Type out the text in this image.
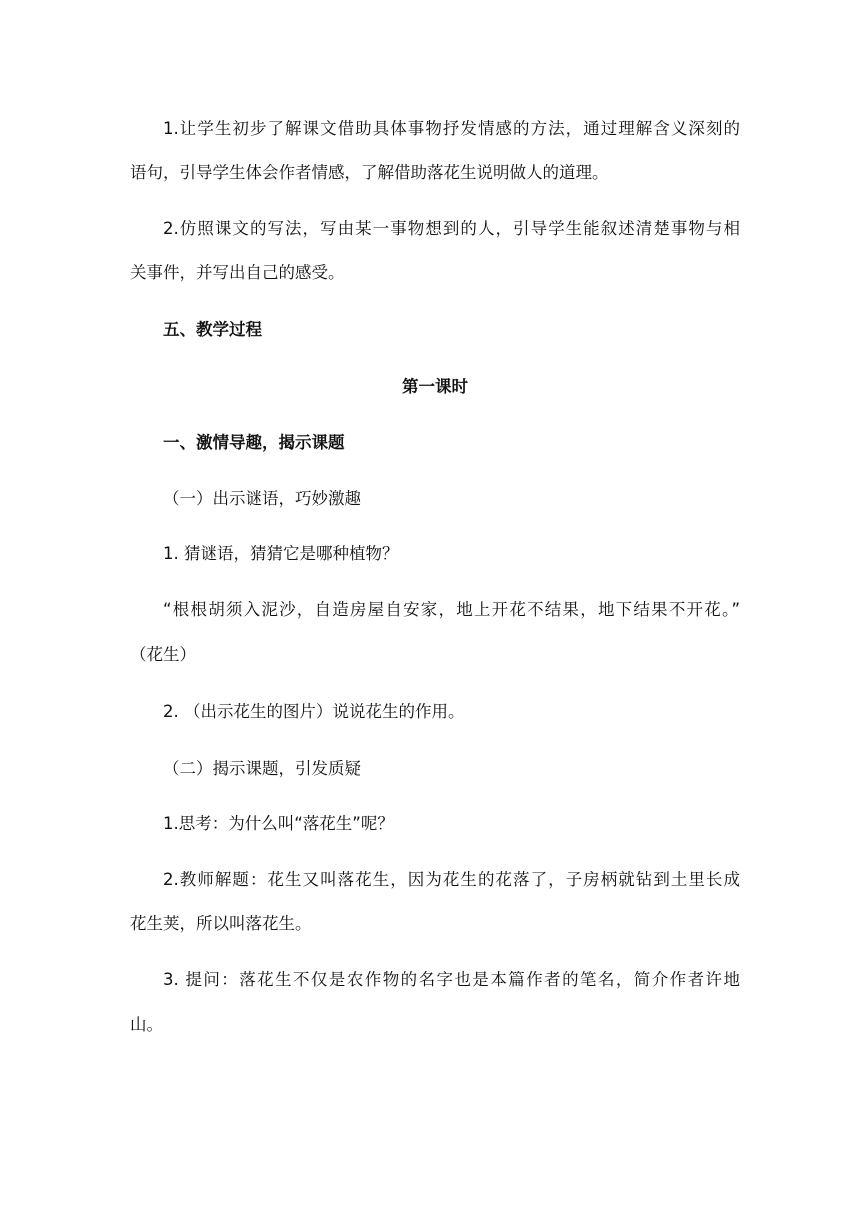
1.让学生初步了解课文借助具体事物抒发情感的方法，通过理解含义深刻的
语句，引导学生体会作者情感，了解借助落花生说明做人的道理。
2.仿照课文的写法，写由某一事物想到的人，引导学生能叙述清楚事物与相
关事件，并写出自己的感受。
五、教学过程
第一课时
一、激情导趣，揭示课题
（一）出示谜语，巧妙激趣
1. 猜谜语，猜猜它是哪种植物？
“根根胡须入泥沙，自造房屋自安家，地上开花不结果，地下结果不开花。”
（花生）
2. （出示花生的图片）说说花生的作用。
（二）揭示课题，引发质疑
1.思考：为什么叫“落花生”呢？
2.教师解题：花生又叫落花生，因为花生的花落了，子房柄就钻到土里长成
花生荚，所以叫落花生。
3. 提问：落花生不仅是农作物的名字也是本篇作者的笔名，简介作者许地
山。
